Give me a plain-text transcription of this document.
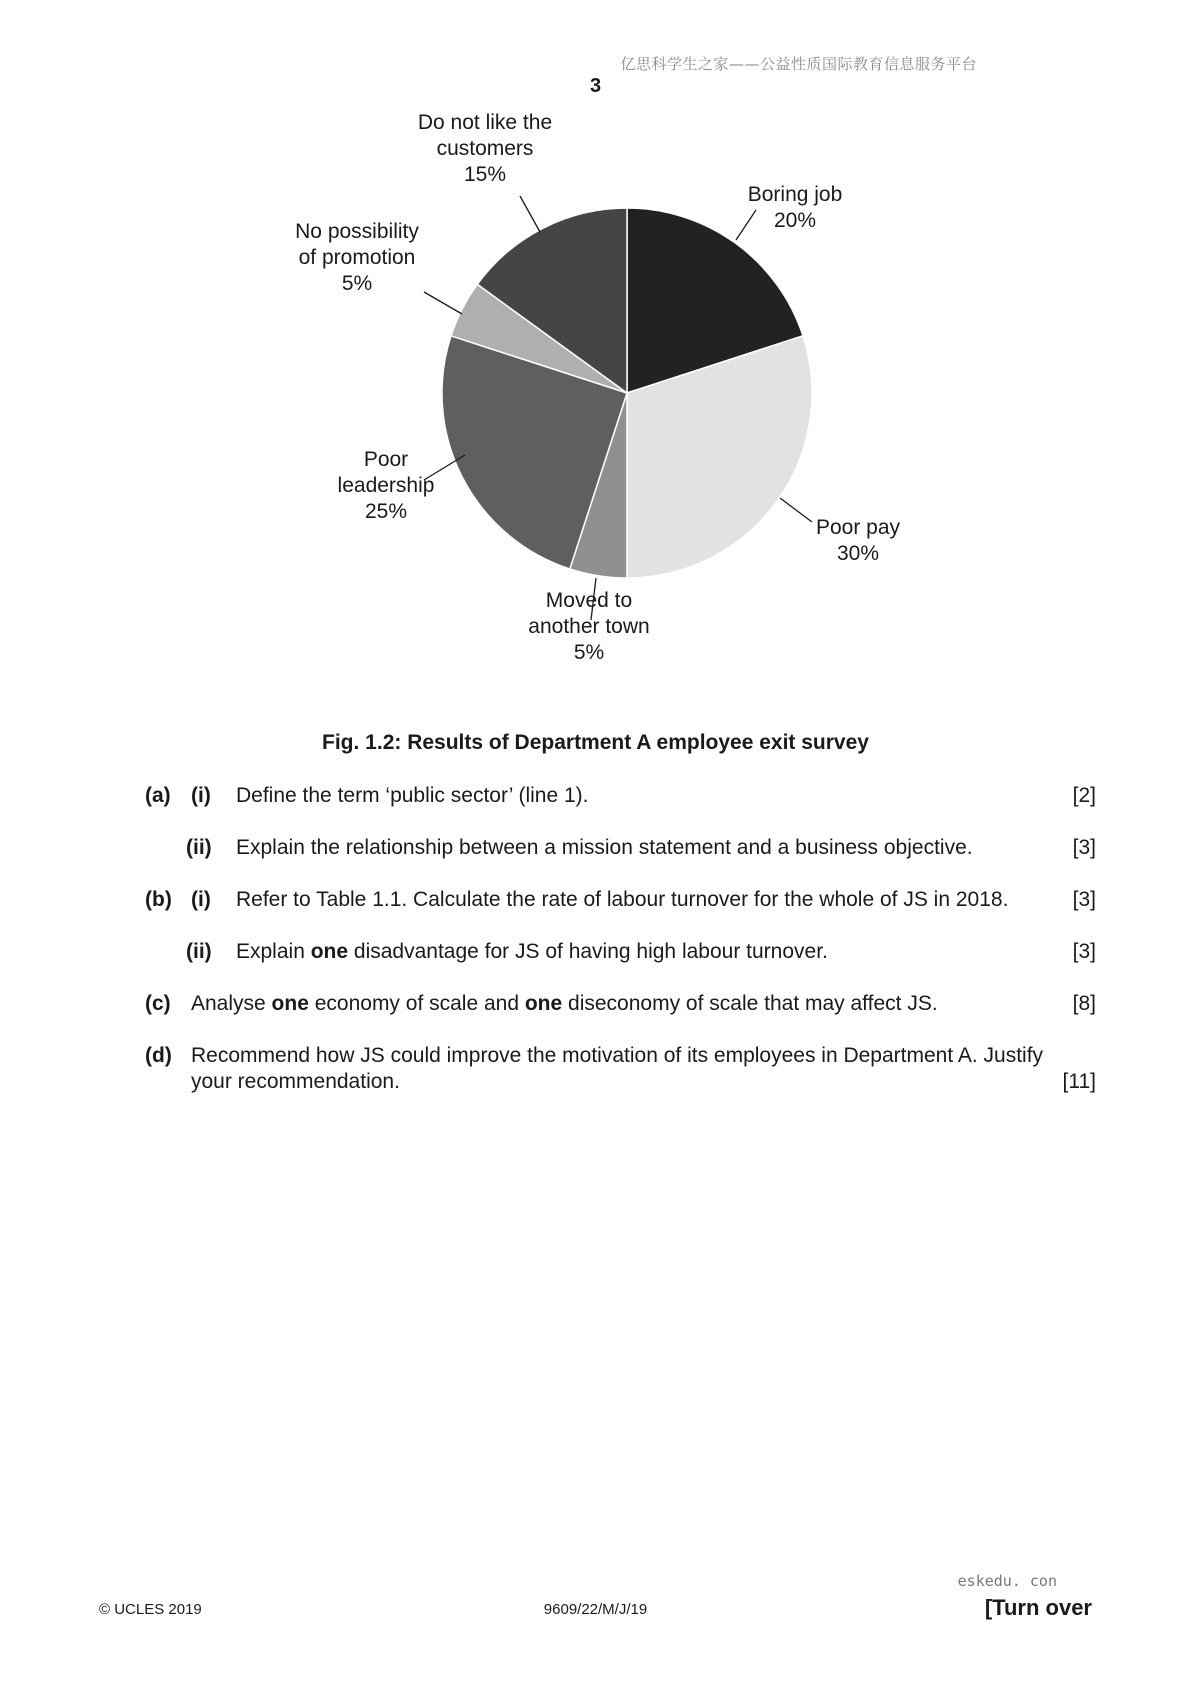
亿思科学生之家——公益性质国际教育信息服务平台
3
Boring job 20%
Poor pay 30%
Moved to another town 5%
Poor leadership 25%
No possibility of promotion 5%
Do not like the customers 15%
Fig. 1.2: Results of Department A employee exit survey
(a) (i) Define the term ‘public sector’ (line 1).	[2]
(ii) Explain the relationship between a mission statement and a business objective.	[3]
(b) (i) Refer to Table 1.1. Calculate the rate of labour turnover for the whole of JS in 2018.	[3]
(ii) Explain one disadvantage for JS of having high labour turnover.	[3]
(c) Analyse one economy of scale and one diseconomy of scale that may affect JS.	[8]
(d) Recommend how JS could improve the motivation of its employees in Department A. Justify
your recommendation.	[11]
© UCLES 2019	9609/22/M/J/19
eskedu. con
[Turn over
